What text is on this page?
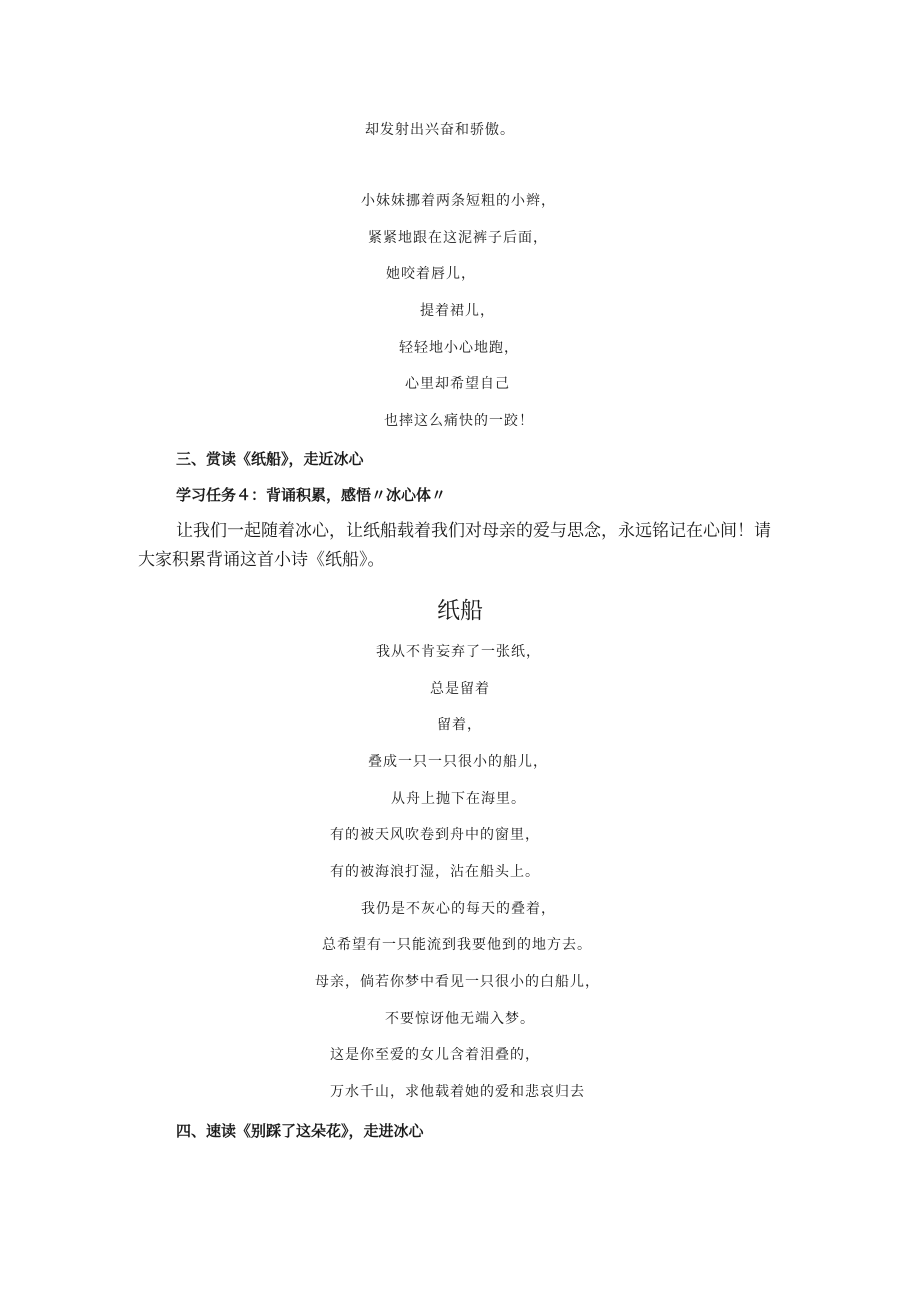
却发射出兴奋和骄傲。
小妹妹挪着两条短粗的小辫，
紧紧地跟在这泥裤子后面，
她咬着唇儿，
提着裙儿，
轻轻地小心地跑，
心里却希望自己
也摔这么痛快的一跤！
三、赏读《纸船》，走近冰心
学习任务４：背诵积累，感悟〃冰心体〃
让我们一起随着冰心，让纸船载着我们对母亲的爱与思念，永远铭记在心间！请大家积累背诵这首小诗《纸船》。
纸船
我从不肯妄弃了一张纸，
总是留着
留着，
叠成一只一只很小的船儿，
从舟上抛下在海里。
有的被天风吹卷到舟中的窗里，
有的被海浪打湿，沾在船头上。
我仍是不灰心的每天的叠着，
总希望有一只能流到我要他到的地方去。
母亲，倘若你梦中看见一只很小的白船儿，
不要惊讶他无端入梦。
这是你至爱的女儿含着泪叠的，
万水千山，求他载着她的爱和悲哀归去
四、速读《别踩了这朵花》，走进冰心
